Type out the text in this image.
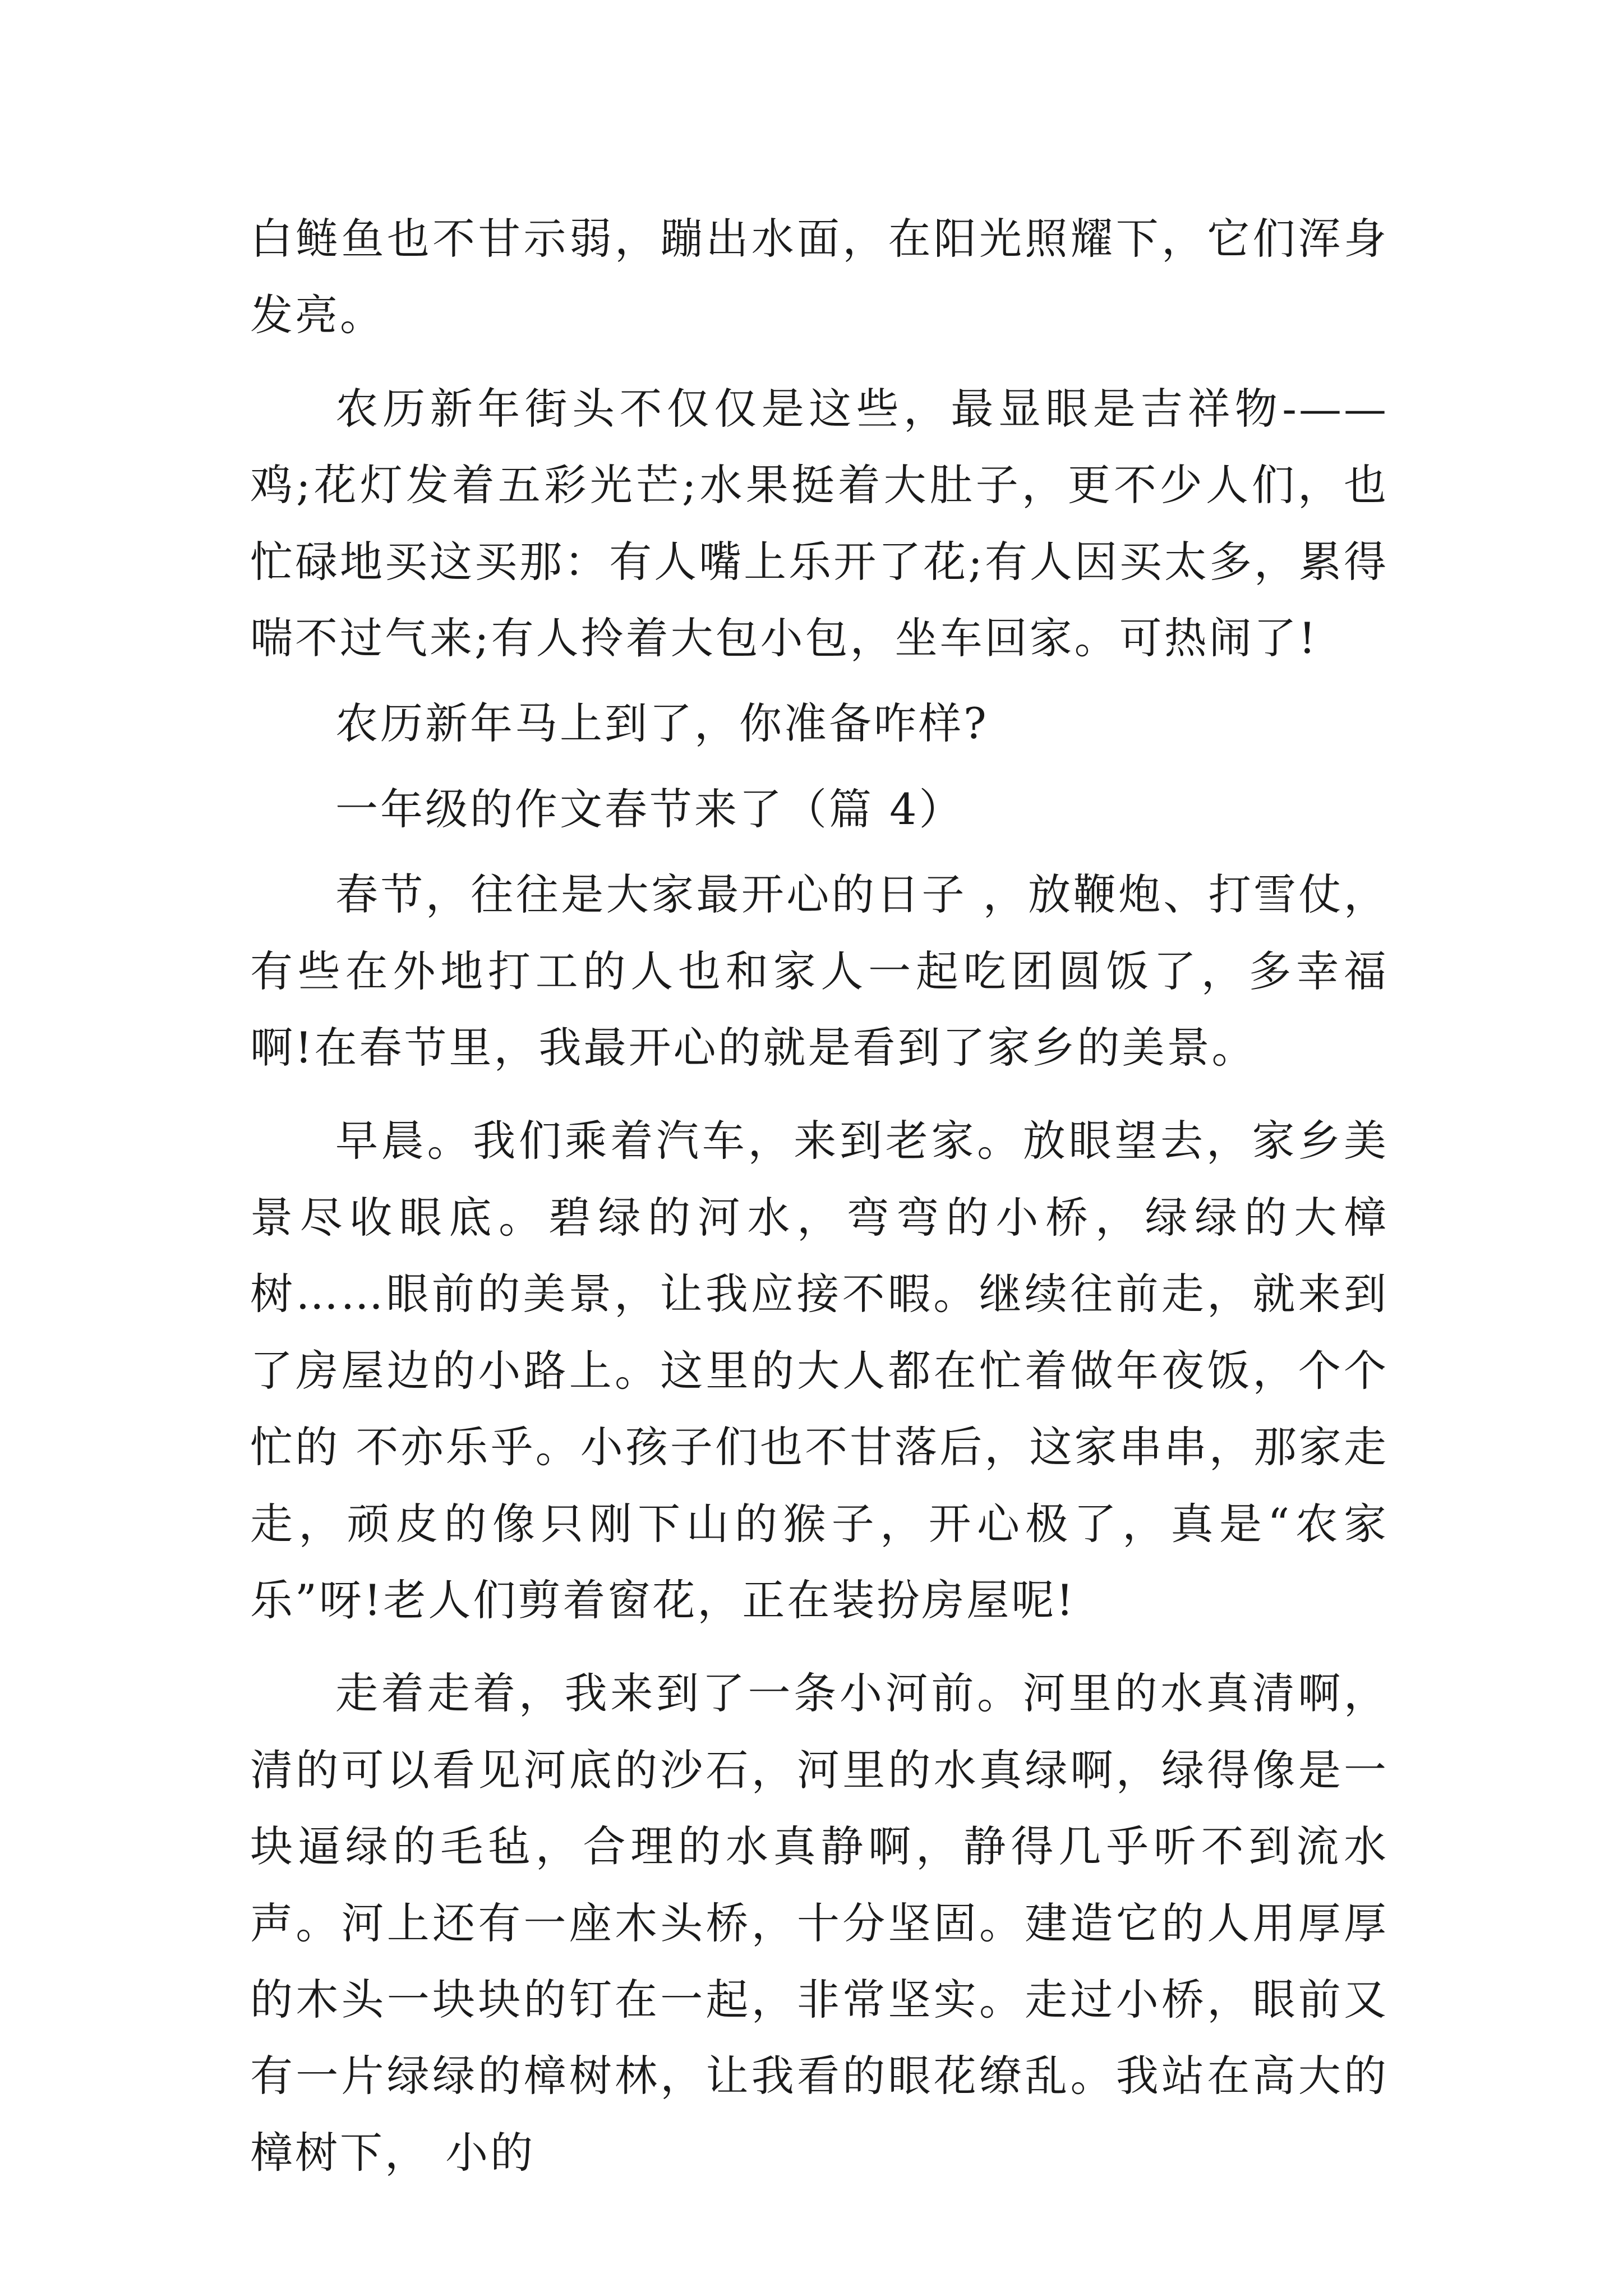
白鲢鱼也不甘示弱，蹦出水面，在阳光照耀下，它们浑身发亮。

农历新年街头不仅仅是这些，最显眼是吉祥物-——鸡;花灯发着五彩光芒;水果挺着大肚子，更不少人们，也忙碌地买这买那：有人嘴上乐开了花;有人因买太多，累得喘不过气来;有人拎着大包小包，坐车回家。可热闹了!

农历新年马上到了，你准备咋样?

一年级的作文春节来了（篇 4）

春节，往往是大家最开心的日子 ，放鞭炮、打雪仗，有些在外地打工的人也和家人一起吃团圆饭了，多幸福啊!在春节里，我最开心的就是看到了家乡的美景。

早晨。我们乘着汽车，来到老家。放眼望去，家乡美景尽收眼底。碧绿的河水，弯弯的小桥，绿绿的大樟树……眼前的美景，让我应接不暇。继续往前走，就来到了房屋边的小路上。这里的大人都在忙着做年夜饭，个个忙的 不亦乐乎。小孩子们也不甘落后，这家串串，那家走走，顽皮的像只刚下山的猴子，开心极了，真是“农家乐”呀!老人们剪着窗花，正在装扮房屋呢!

走着走着，我来到了一条小河前。河里的水真清啊，清的可以看见河底的沙石，河里的水真绿啊，绿得像是一块逼绿的毛毡，合理的水真静啊，静得几乎听不到流水声。河上还有一座木头桥，十分坚固。建造它的人用厚厚的木头一块块的钉在一起，非常坚实。走过小桥，眼前又有一片绿绿的樟树林，让我看的眼花缭乱。我站在高大的樟树下， 小的
